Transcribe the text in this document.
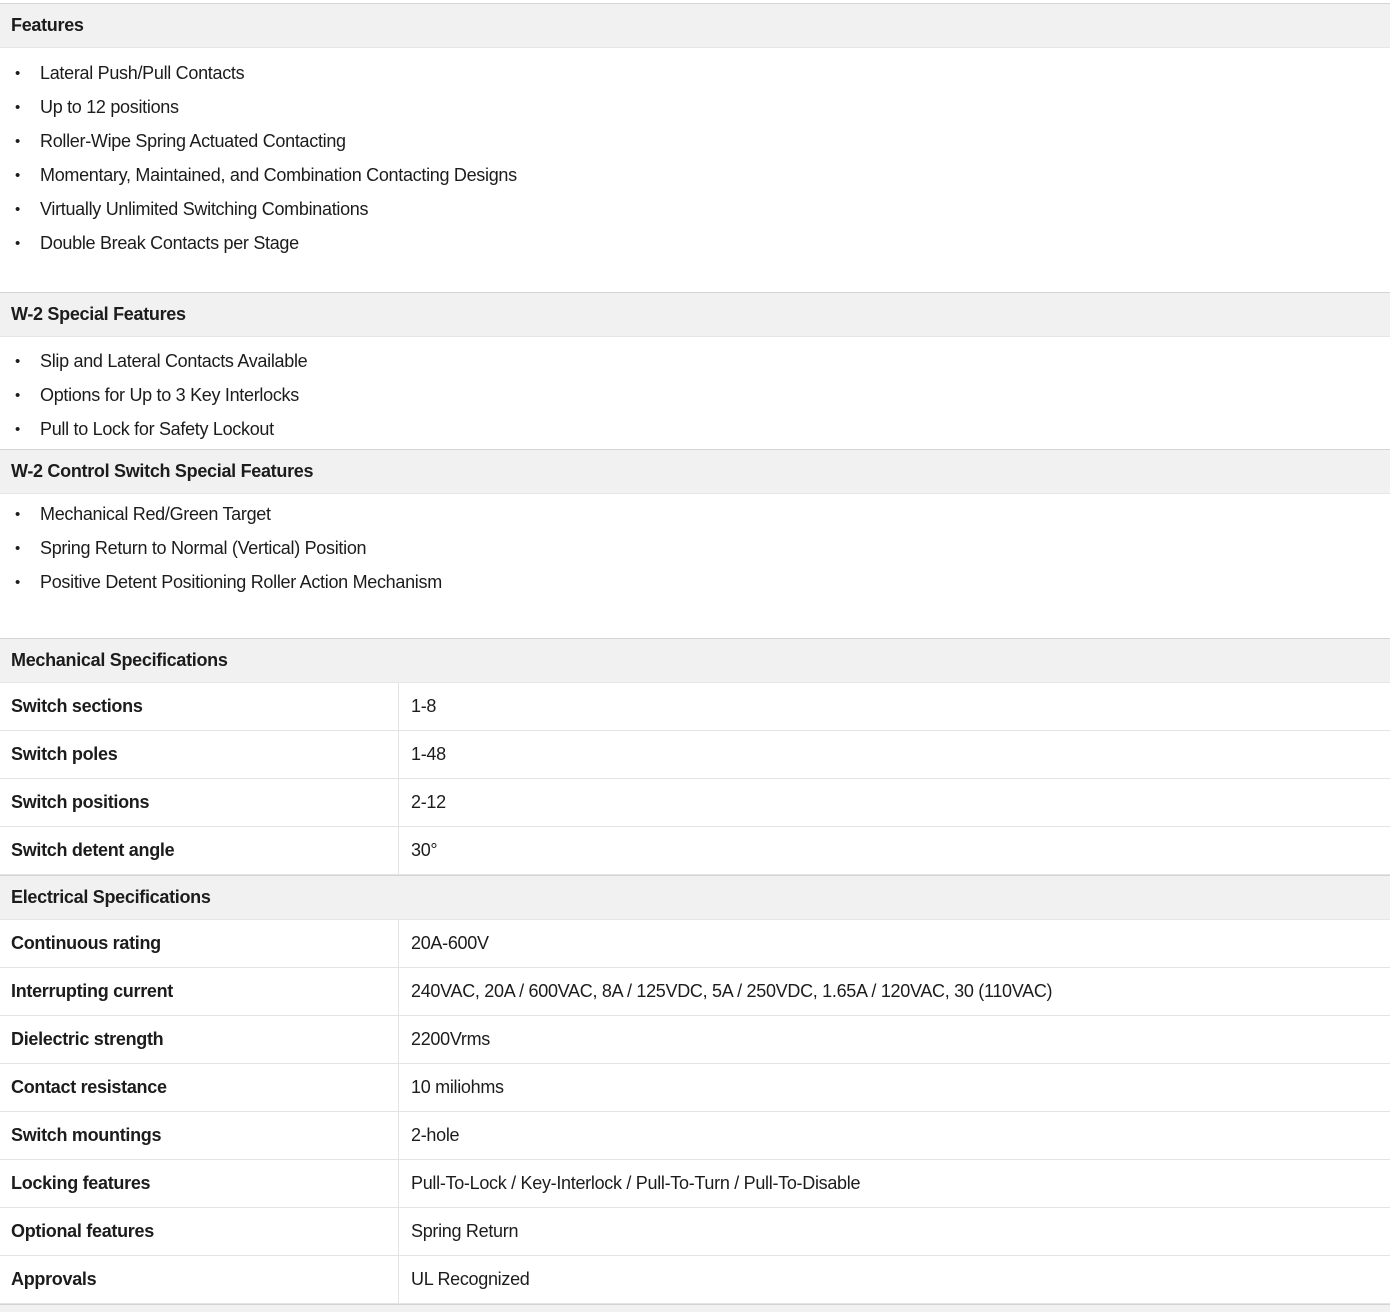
Features
• Lateral Push/Pull Contacts
• Up to 12 positions
• Roller-Wipe Spring Actuated Contacting
• Momentary, Maintained, and Combination Contacting Designs
• Virtually Unlimited Switching Combinations
• Double Break Contacts per Stage
W-2 Special Features
• Slip and Lateral Contacts Available
• Options for Up to 3 Key Interlocks
• Pull to Lock for Safety Lockout
W-2 Control Switch Special Features
• Mechanical Red/Green Target
• Spring Return to Normal (Vertical) Position
• Positive Detent Positioning Roller Action Mechanism
Mechanical Specifications
Switch sections	1-8
Switch poles	1-48
Switch positions	2-12
Switch detent angle	30°
Electrical Specifications
Continuous rating	20A-600V
Interrupting current	240VAC, 20A / 600VAC, 8A / 125VDC, 5A / 250VDC, 1.65A / 120VAC, 30 (110VAC)
Dielectric strength	2200Vrms
Contact resistance	10 miliohms
Switch mountings	2-hole
Locking features	Pull-To-Lock / Key-Interlock / Pull-To-Turn / Pull-To-Disable
Optional features	Spring Return
Approvals	UL Recognized
